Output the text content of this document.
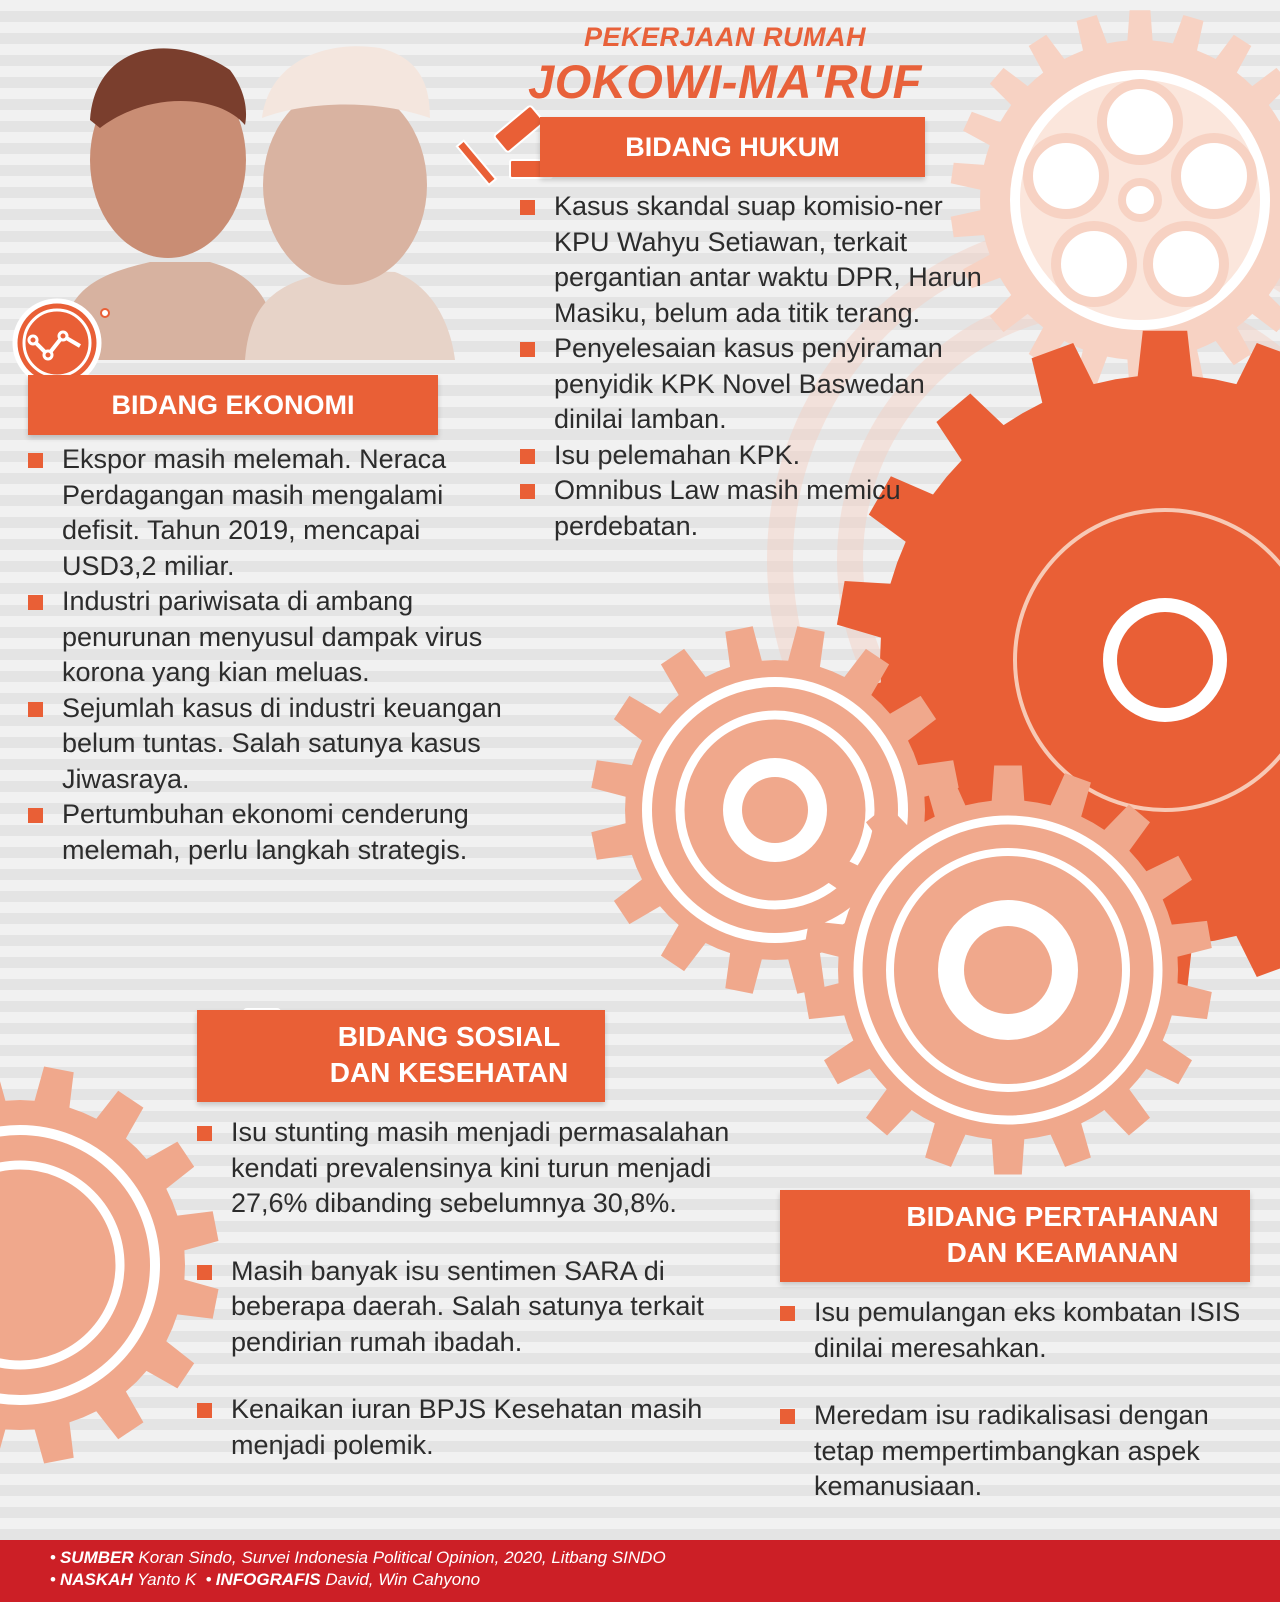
PEKERJAAN RUMAH
JOKOWI-MA'RUF
BIDANG HUKUM
Kasus skandal suap komisio-ner KPU Wahyu Setiawan, terkait pergantian antar waktu DPR, Harun Masiku, belum ada titik terang.
Penyelesaian kasus penyiraman penyidik KPK Novel Baswedan dinilai lamban.
Isu pelemahan KPK.
Omnibus Law masih memicu perdebatan.
BIDANG EKONOMI
Ekspor masih melemah. Neraca Perdagangan masih mengalami defisit. Tahun 2019, mencapai USD3,2 miliar.
Industri pariwisata di ambang penurunan menyusul dampak virus korona yang kian meluas.
Sejumlah kasus di industri keuangan belum tuntas. Salah satunya kasus Jiwasraya.
Pertumbuhan ekonomi cenderung melemah, perlu langkah strategis.
BIDANG SOSIAL
DAN KESEHATAN
Isu stunting masih menjadi permasalahan kendati prevalensinya kini turun menjadi 27,6% dibanding sebelumnya 30,8%.
Masih banyak isu sentimen SARA di beberapa daerah. Salah satunya terkait pendirian rumah ibadah.
Kenaikan iuran BPJS Kesehatan masih menjadi polemik.
BIDANG PERTAHANAN
DAN KEAMANAN
Isu pemulangan eks kombatan ISIS dinilai meresahkan.
Meredam isu radikalisasi dengan tetap mempertimbangkan aspek kemanusiaan.
• SUMBER Koran Sindo, Survei Indonesia Political Opinion, 2020, Litbang SINDO
• NASKAH Yanto K • INFOGRAFIS David, Win Cahyono
